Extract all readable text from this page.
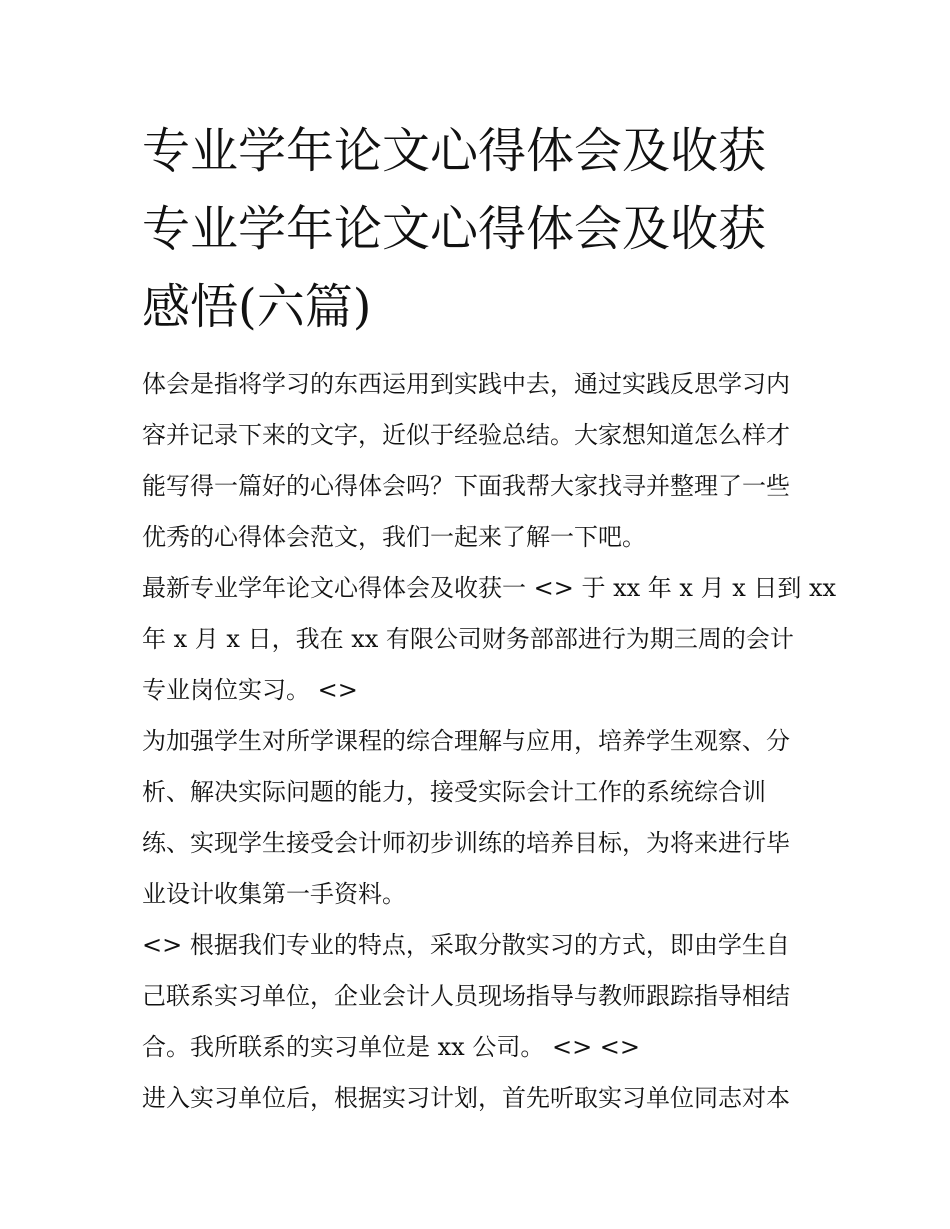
专业学年论文心得体会及收获
专业学年论文心得体会及收获
感悟(六篇)

体会是指将学习的东西运用到实践中去，通过实践反思学习内
容并记录下来的文字，近似于经验总结。大家想知道怎么样才
能写得一篇好的心得体会吗？下面我帮大家找寻并整理了一些
优秀的心得体会范文，我们一起来了解一下吧。

最新专业学年论文心得体会及收获一 <> 于 xx 年 x 月 x 日到 xx
年 x 月 x 日，我在 xx 有限公司财务部部进行为期三周的会计
专业岗位实习。 <>

为加强学生对所学课程的综合理解与应用，培养学生观察、分
析、解决实际问题的能力，接受实际会计工作的系统综合训
练、实现学生接受会计师初步训练的培养目标，为将来进行毕
业设计收集第一手资料。

<> 根据我们专业的特点，采取分散实习的方式，即由学生自
己联系实习单位，企业会计人员现场指导与教师跟踪指导相结
合。我所联系的实习单位是 xx 公司。 <> <>

进入实习单位后，根据实习计划，首先听取实习单位同志对本
